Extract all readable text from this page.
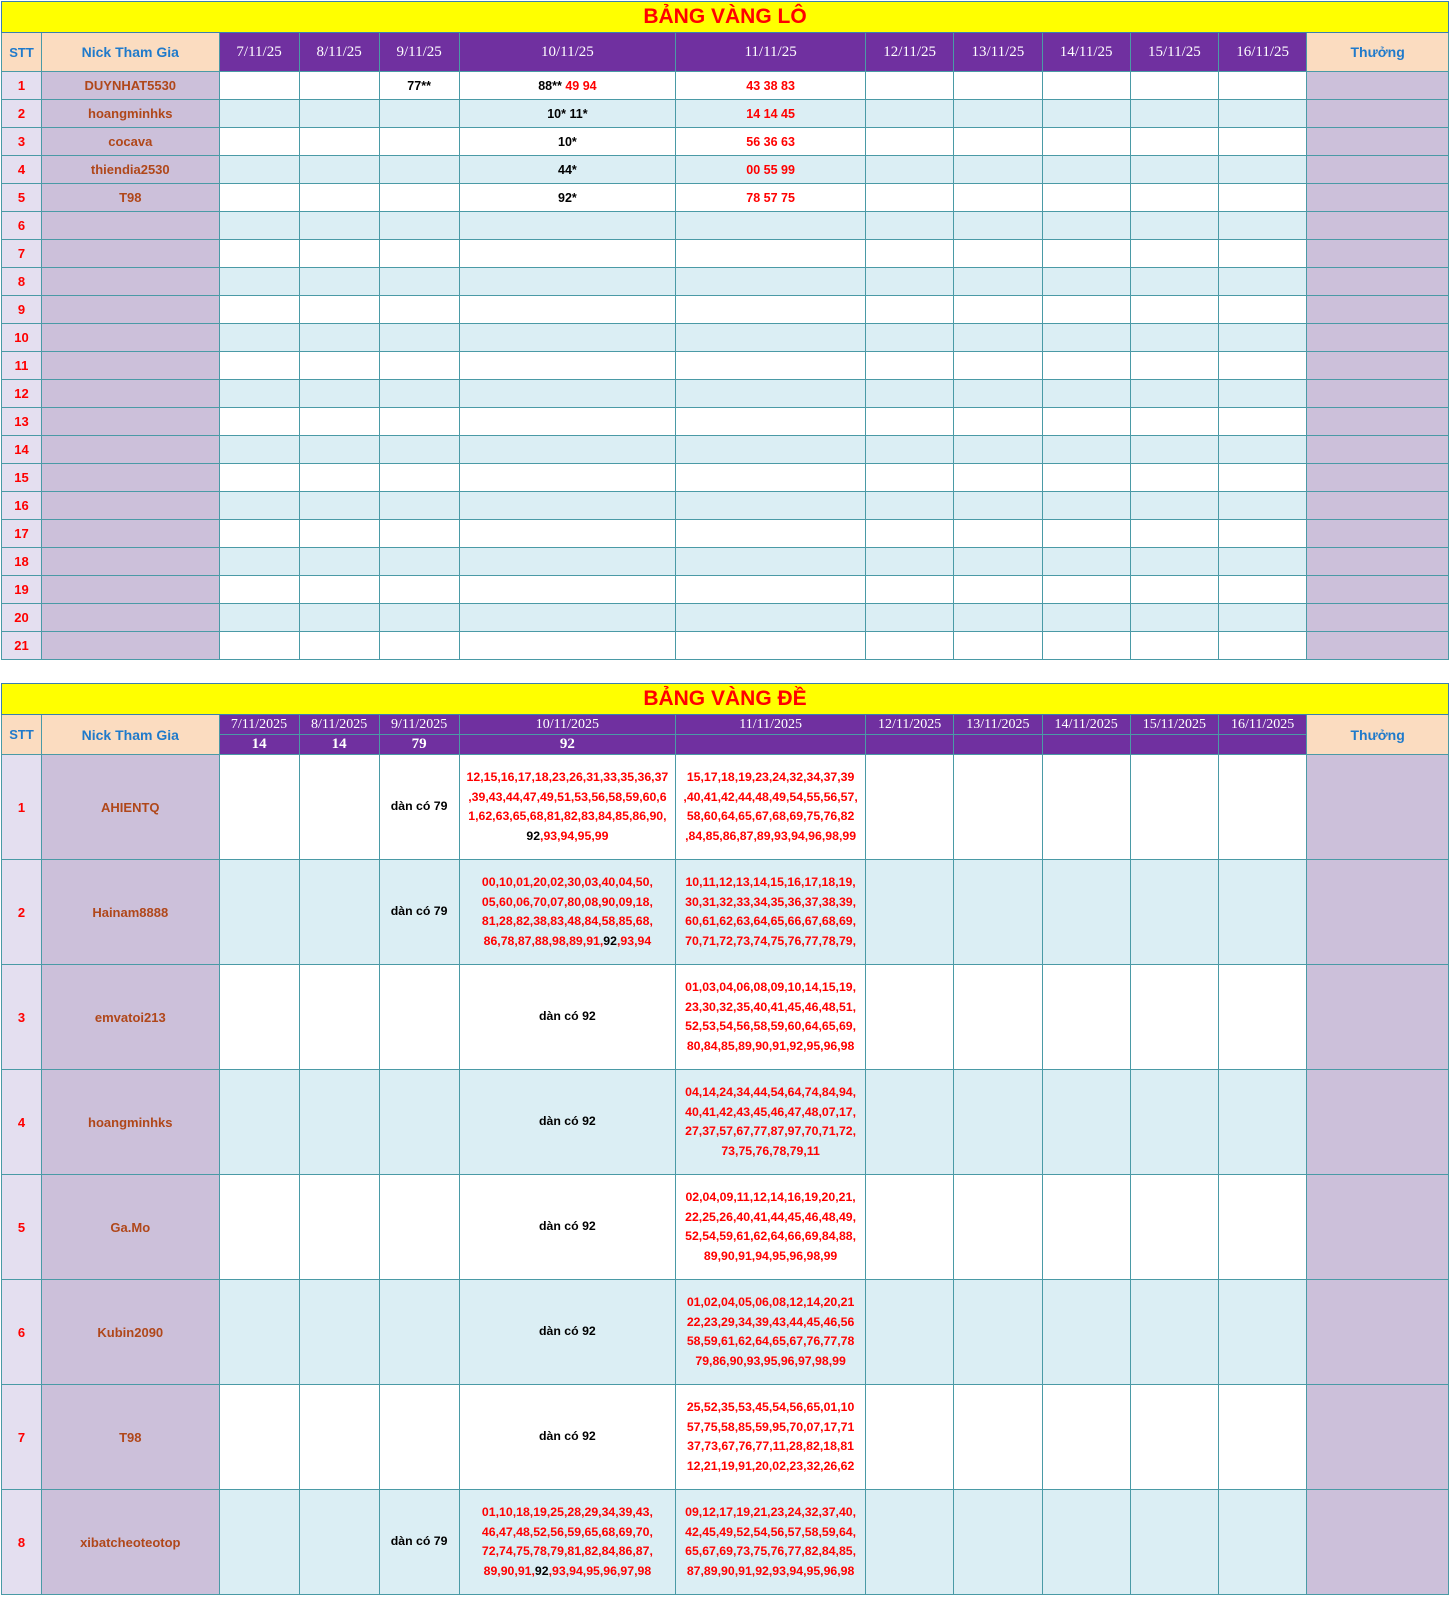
BẢNG VÀNG LÔ												
STT	Nick Tham Gia	7/11/25	8/11/25	9/11/25	10/11/25	11/11/25	12/11/25	13/11/25	14/11/25	15/11/25	16/11/25	Thưởng
1	DUYNHAT5530			77**	88** 49 94	43 38 83						
2	hoangminhks				10* 11*	14 14 45						
3	cocava				10*	56 36 63						
4	thiendia2530				44*	00 55 99						
5	T98				92*	78 57 75						
6												
7												
8												
9												
10												
11												
12												
13												
14												
15												
16												
17												
18												
19												
20												
21												
BẢNG VÀNG ĐỀ												
STT	Nick Tham Gia	7/11/2025	8/11/2025	9/11/2025	10/11/2025	11/11/2025	12/11/2025	13/11/2025	14/11/2025	15/11/2025	16/11/2025	Thưởng
		14	14	79	92							
1	AHIENTQ			dàn có 79	12,15,16,17,18,23,26,31,33,35,36,37
,39,43,44,47,49,51,53,56,58,59,60,6
1,62,63,65,68,81,82,83,84,85,86,90,
92,93,94,95,99	15,17,18,19,23,24,32,34,37,39
,40,41,42,44,48,49,54,55,56,57,
58,60,64,65,67,68,69,75,76,82
,84,85,86,87,89,93,94,96,98,99						

2	Hainam8888			dàn có 79	00,10,01,20,02,30,03,40,04,50,
05,60,06,70,07,80,08,90,09,18,
81,28,82,38,83,48,84,58,85,68,
86,78,87,88,98,89,91,92,93,94	10,11,12,13,14,15,16,17,18,19,
30,31,32,33,34,35,36,37,38,39,
60,61,62,63,64,65,66,67,68,69,
70,71,72,73,74,75,76,77,78,79,						

3	emvatoi213				dàn có 92	01,03,04,06,08,09,10,14,15,19,
23,30,32,35,40,41,45,46,48,51,
52,53,54,56,58,59,60,64,65,69,
80,84,85,89,90,91,92,95,96,98						

4	hoangminhks				dàn có 92	04,14,24,34,44,54,64,74,84,94,
40,41,42,43,45,46,47,48,07,17,
27,37,57,67,77,87,97,70,71,72,
73,75,76,78,79,11						

5	Ga.Mo				dàn có 92	02,04,09,11,12,14,16,19,20,21,
22,25,26,40,41,44,45,46,48,49,
52,54,59,61,62,64,66,69,84,88,
89,90,91,94,95,96,98,99						

6	Kubin2090				dàn có 92	01,02,04,05,06,08,12,14,20,21
22,23,29,34,39,43,44,45,46,56
58,59,61,62,64,65,67,76,77,78
79,86,90,93,95,96,97,98,99						

7	T98				dàn có 92	25,52,35,53,45,54,56,65,01,10
57,75,58,85,59,95,70,07,17,71
37,73,67,76,77,11,28,82,18,81
12,21,19,91,20,02,23,32,26,62						

8	xibatcheoteotop			dàn có 79	01,10,18,19,25,28,29,34,39,43,
46,47,48,52,56,59,65,68,69,70,
72,74,75,78,79,81,82,84,86,87,
89,90,91,92,93,94,95,96,97,98	09,12,17,19,21,23,24,32,37,40,
42,45,49,52,54,56,57,58,59,64,
65,67,69,73,75,76,77,82,84,85,
87,89,90,91,92,93,94,95,96,98						
